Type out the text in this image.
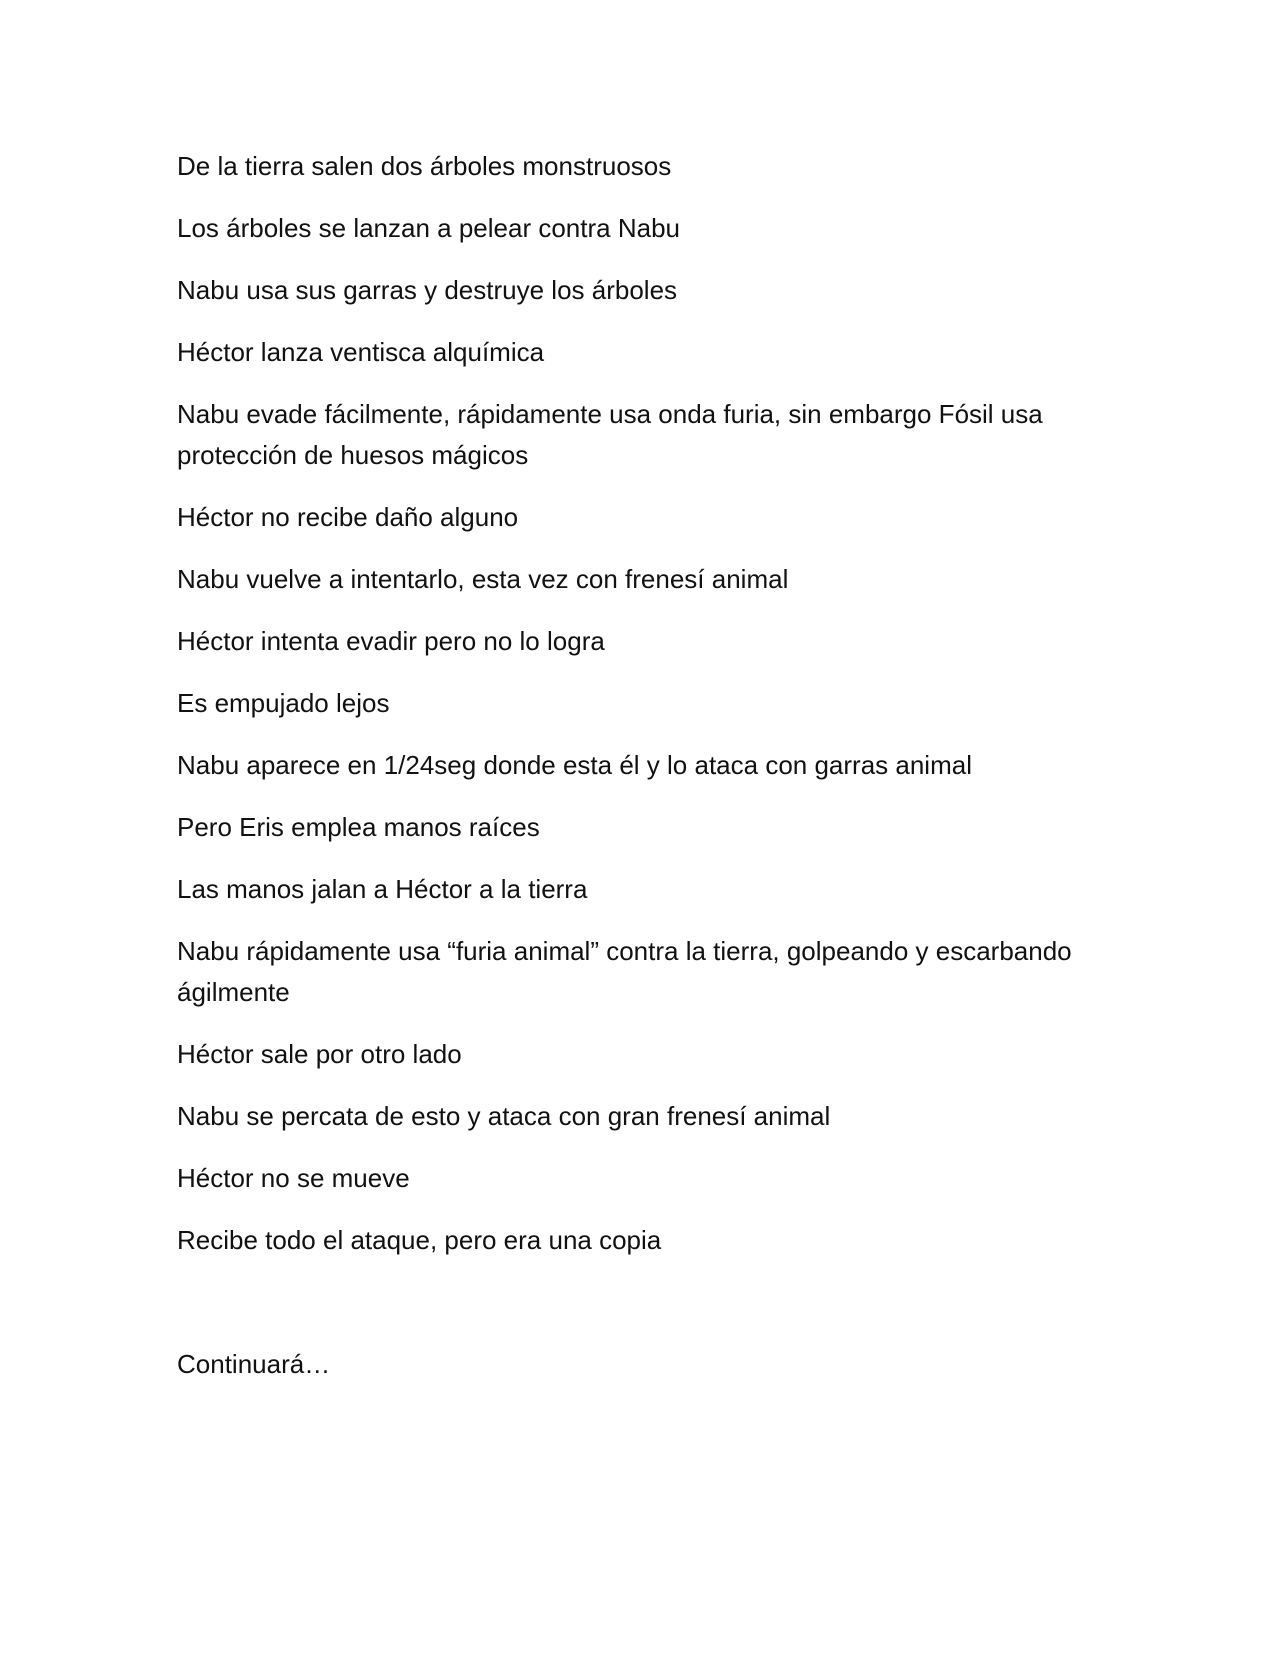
De la tierra salen dos árboles monstruosos

Los árboles se lanzan a pelear contra Nabu

Nabu usa sus garras y destruye los árboles

Héctor lanza ventisca alquímica

Nabu evade fácilmente, rápidamente usa onda furia, sin embargo Fósil usa protección de huesos mágicos

Héctor no recibe daño alguno

Nabu vuelve a intentarlo, esta vez con frenesí animal

Héctor intenta evadir pero no lo logra

Es empujado lejos

Nabu aparece en 1/24seg donde esta él y lo ataca con garras animal

Pero Eris emplea manos raíces

Las manos jalan a Héctor a la tierra

Nabu rápidamente usa “furia animal” contra la tierra, golpeando y escarbando ágilmente

Héctor sale por otro lado

Nabu se percata de esto y ataca con gran frenesí animal

Héctor no se mueve

Recibe todo el ataque, pero era una copia

Continuará…
